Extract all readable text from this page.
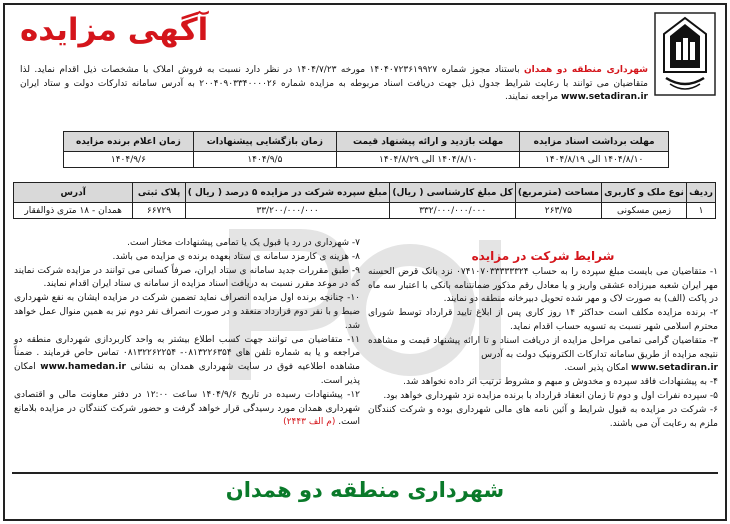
آگهی مزایده
شهرداری منطقه دو همدان باستناد مجوز شماره ۱۴۰۴۰۷۲۳۶۱۹۹۲۷ مورخه ۱۴۰۴/۷/۲۳ در نظر دارد نسبت به فروش املاک با مشخصات ذیل اقدام نماید. لذا متقاضیان می توانند با رعایت شرایط جدول ذیل جهت دریافت اسناد مربوطه به مزایده شماره ۲۰۰۴۰۹۰۳۳۴۰۰۰۰۲۶ به آدرس سامانه تدارکات دولت و ستاد ایران www.setadiran.ir مراجعه نمایند.
مهلت برداشت اسناد مزایده	مهلت بازدید و ارائه پیشنهاد قیمت	زمان بازگشایی پیشنهادات	زمان اعلام برنده مزایده
۱۴۰۴/۸/۱۰ الی ۱۴۰۴/۸/۱۹	۱۴۰۴/۸/۱۰ الی ۱۴۰۴/۸/۲۹	۱۴۰۴/۹/۵	۱۴۰۴/۹/۶
ردیف	نوع ملک و کاربری	مساحت (مترمربع)	کل مبلغ کارشناسی ( ریال)	مبلغ سپرده شرکت در مزایده ۵ درصد ( ریال )	پلاک ثبتی	آدرس
۱	زمین مسکونی	۲۶۳/۷۵	۳۳۲/۰۰۰/۰۰۰/۰۰۰	۳۳/۲۰۰/۰۰۰/۰۰۰	۶۶۷۲۹	همدان - ۱۸ متری ذوالفقار
شرایط شرکت در مزایده

۱- متقاضیان می بایست مبلغ سپرده را به حساب ۰۷۴۱۰۷۰۳۳۳۳۳۳۲۴ نزد بانک قرض الحسنه مهر ایران شعبه میرزاده عشقی واریز و یا معادل رقم مذکور ضمانتنامه بانکی با اعتبار سه ماه در پاکت (الف) به صورت لاک و مهر شده تحویل دبیرخانه منطقه دو نمایند.

۲- برنده مزایده مکلف است حداکثر ۱۴ روز کاری پس از ابلاغ تایید قرارداد توسط شورای محترم اسلامی شهر نسبت به تسویه حساب اقدام نماید.

۳- متقاضیان گرامی تمامی مراحل مزایده از دریافت اسناد و تا ارائه پیشنهاد قیمت و مشاهده نتیجه مزایده از طریق سامانه تدارکات الکترونیک دولت به آدرس
www.setadiran.ir امکان پذیر است.

۴- به پیشنهادات فاقد سپرده و مخدوش و مبهم و مشروط ترتیب اثر داده نخواهد شد.

۵- سپرده نفرات اول و دوم تا زمان انعقاد قرارداد با برنده مزایده نزد شهرداری خواهد بود.

۶- شرکت در مزایده به قبول شرایط و آئین نامه های مالی شهرداری بوده و شرکت کنندگان ملزم به رعایت آن می باشند.

۷- شهرداری در رد یا قبول یک یا تمامی پیشنهادات مختار است.

۸- هزینه ی کارمزد سامانه ی ستاد بعهده برنده ی مزایده می باشد.

۹- طبق مقررات جدید سامانه ی ستاد ایران، صرفاً کسانی می توانند در مزایده شرکت نمایند که در موعد مقرر نسبت به دریافت اسناد مزایده از سامانه ی ستاد ایران اقدام نمایند.

۱۰- چنانچه برنده اول مزایده انصراف نماید تضمین شرکت در مزایده ایشان به نفع شهرداری ضبط و با نفر دوم قرارداد منعقد و در صورت انصراف نفر دوم نیز به همین منوال عمل خواهد شد.

۱۱- متقاضیان می توانند جهت کسب اطلاع بیشتر به واحد کاربردازی شهرداری منطقه دو مراجعه و یا به شماره تلفن های ۰۸۱۳۲۲۶۳۵۴- ۰۸۱۳۲۲۶۲۲۵۴ تماس حاص فرمایند . ضمناً مشاهده اطلاعیه فوق در سایت شهرداری همدان به نشانی www.hamedan.ir امکان پذیر است.

۱۲- پیشنهادات رسیده در تاریخ ۱۴۰۴/۹/۶ ساعت ۱۲:۰۰ در دفتر معاونت مالی و اقتصادی شهرداری همدان مورد رسیدگی قرار خواهد گرفت و حضور شرکت کنندگان در مزایده بلامانع است. (م الف ۲۴۴۳)

شهرداری منطقه دو همدان
